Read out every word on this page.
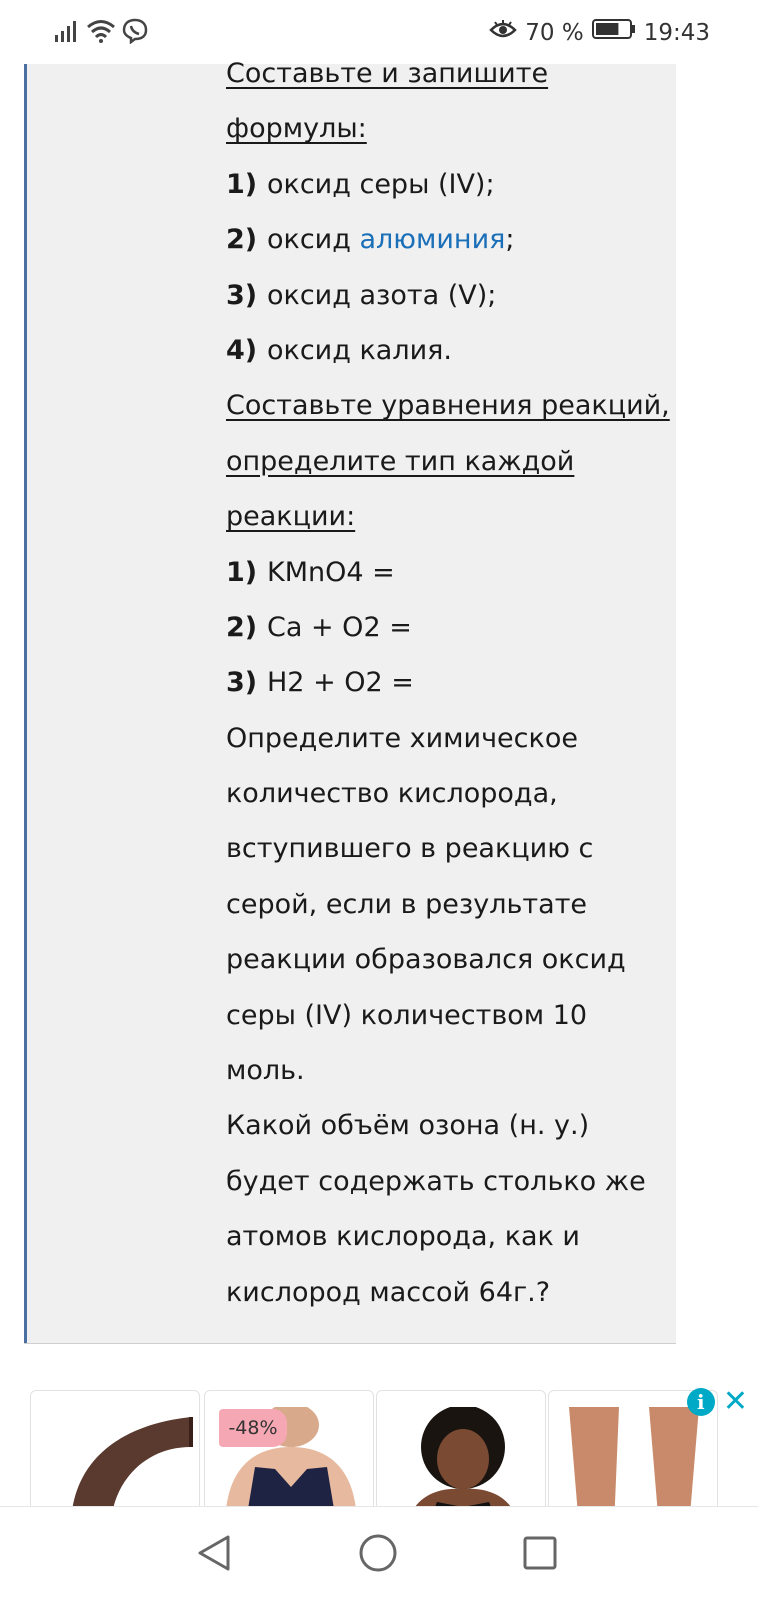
70 %	19:43
Составьте и запишите
формулы:
1) оксид серы (IV);
2) оксид алюминия;
3) оксид азота (V);
4) оксид калия.
Составьте уравнения реакций,
определите тип каждой
реакции:
1) KMnO4 =
2) Ca + O2 =
3) H2 + O2 =
Определите химическое
количество кислорода,
вступившего в реакцию с
серой, если в результате
реакции образовался оксид
серы (IV) количеством 10
моль.
Какой объём озона (н. у.)
будет содержать столько же
атомов кислорода, как и
кислород массой 64г.?
-48%
i ✕
